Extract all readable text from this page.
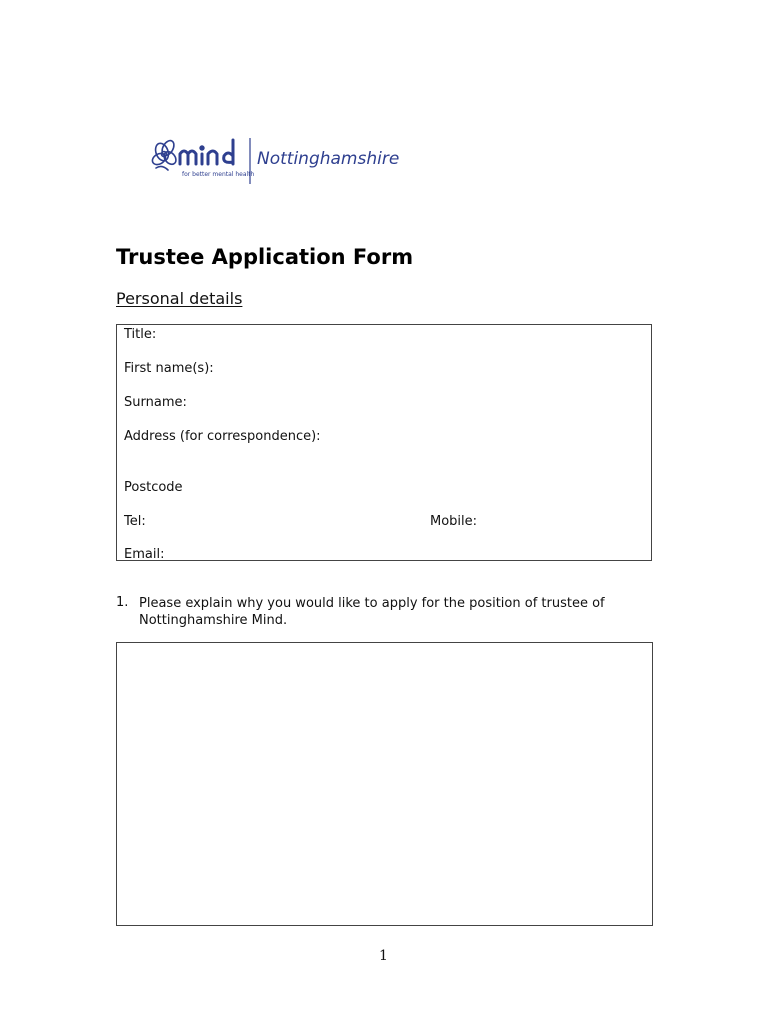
for better mental health
Nottinghamshire
Trustee Application Form
Personal details
Title:
First name(s):
Surname:
Address (for correspondence):
Postcode
Tel:	Mobile:
Email:
1. Please explain why you would like to apply for the position of trustee of Nottinghamshire Mind.
1
